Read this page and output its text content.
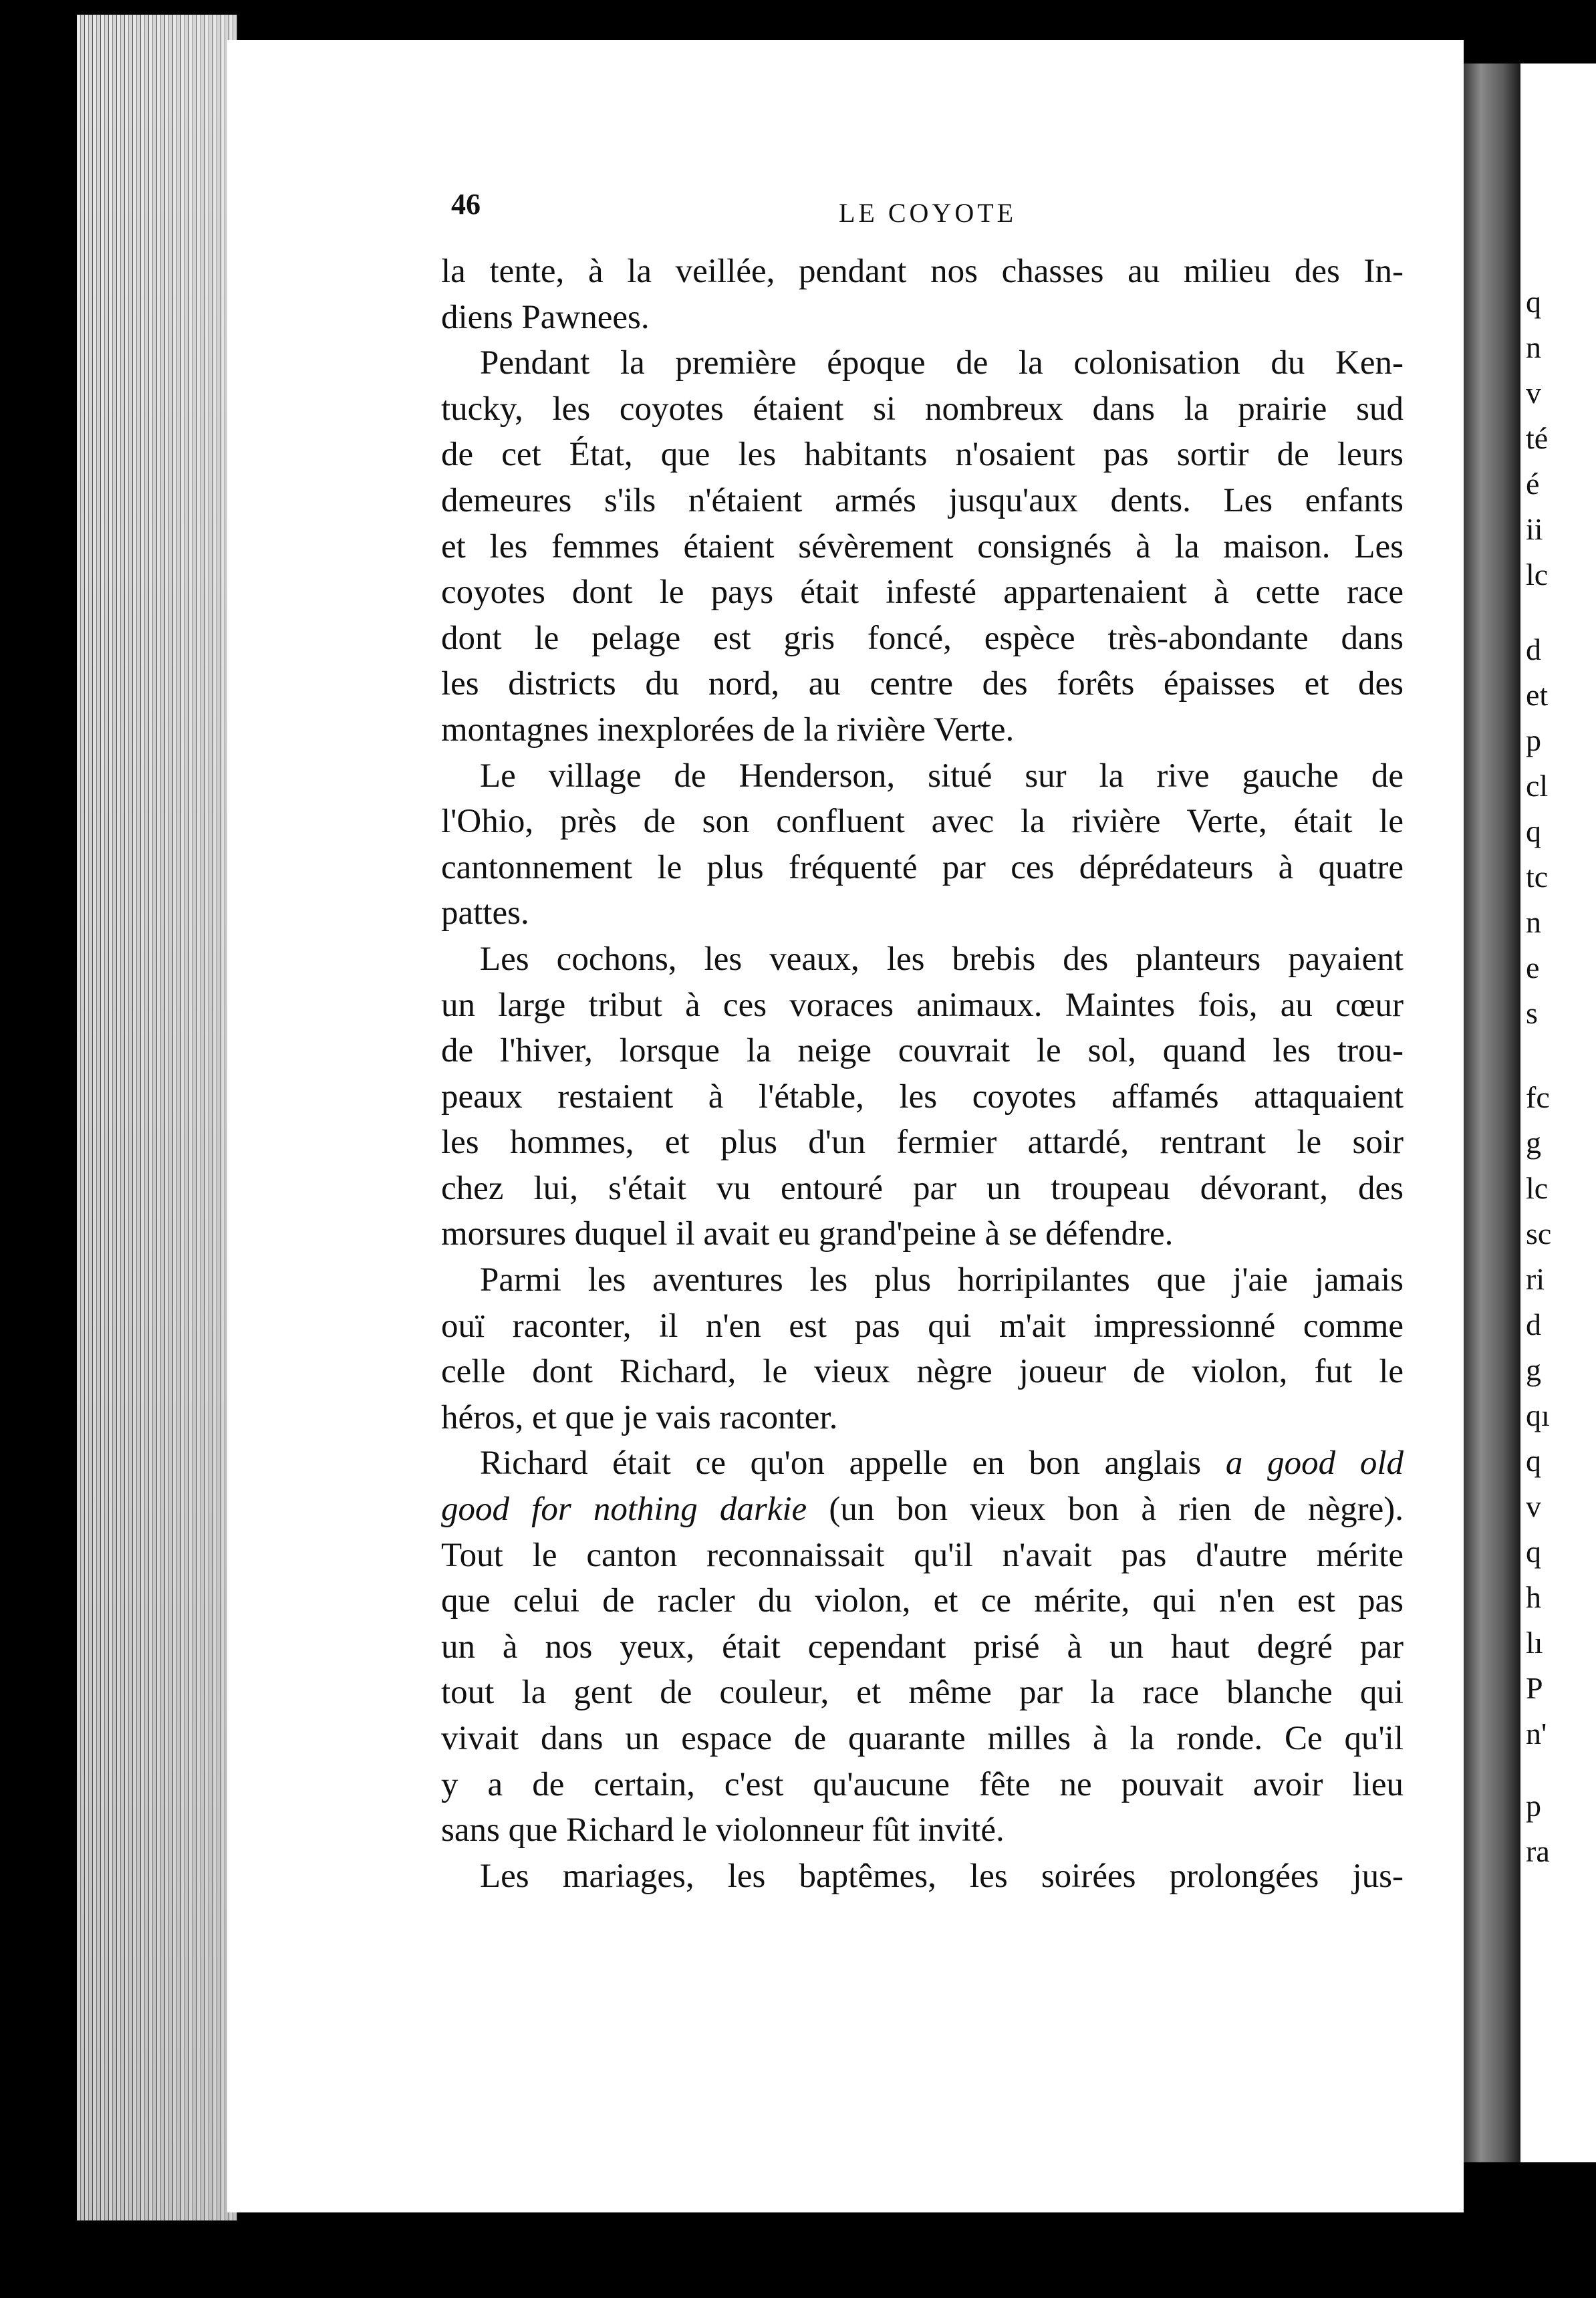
q
n
v
té
é
ii
lc
d
et
p
cl
q
tc
n
e
s
fc
g
lc
sc
ri
d
g
qı
q
v
q
h
lı
P
n'
p
ra
46	LE COYOTE
la tente, à la veillée, pendant nos chasses au milieu des In-
diens Pawnees.
Pendant la première époque de la colonisation du Ken-
tucky, les coyotes étaient si nombreux dans la prairie sud
de cet État, que les habitants n'osaient pas sortir de leurs
demeures s'ils n'étaient armés jusqu'aux dents. Les enfants
et les femmes étaient sévèrement consignés à la maison. Les
coyotes dont le pays était infesté appartenaient à cette race
dont le pelage est gris foncé, espèce très-abondante dans
les districts du nord, au centre des forêts épaisses et des
montagnes inexplorées de la rivière Verte.
Le village de Henderson, situé sur la rive gauche de
l'Ohio, près de son confluent avec la rivière Verte, était le
cantonnement le plus fréquenté par ces déprédateurs à quatre
pattes.
Les cochons, les veaux, les brebis des planteurs payaient
un large tribut à ces voraces animaux. Maintes fois, au cœur
de l'hiver, lorsque la neige couvrait le sol, quand les trou-
peaux restaient à l'étable, les coyotes affamés attaquaient
les hommes, et plus d'un fermier attardé, rentrant le soir
chez lui, s'était vu entouré par un troupeau dévorant, des
morsures duquel il avait eu grand'peine à se défendre.
Parmi les aventures les plus horripilantes que j'aie jamais
ouï raconter, il n'en est pas qui m'ait impressionné comme
celle dont Richard, le vieux nègre joueur de violon, fut le
héros, et que je vais raconter.
Richard était ce qu'on appelle en bon anglais a good old
good for nothing darkie (un bon vieux bon à rien de nègre).
Tout le canton reconnaissait qu'il n'avait pas d'autre mérite
que celui de racler du violon, et ce mérite, qui n'en est pas
un à nos yeux, était cependant prisé à un haut degré par
tout la gent de couleur, et même par la race blanche qui
vivait dans un espace de quarante milles à la ronde. Ce qu'il
y a de certain, c'est qu'aucune fête ne pouvait avoir lieu
sans que Richard le violonneur fût invité.
Les mariages, les baptêmes, les soirées prolongées jus-
